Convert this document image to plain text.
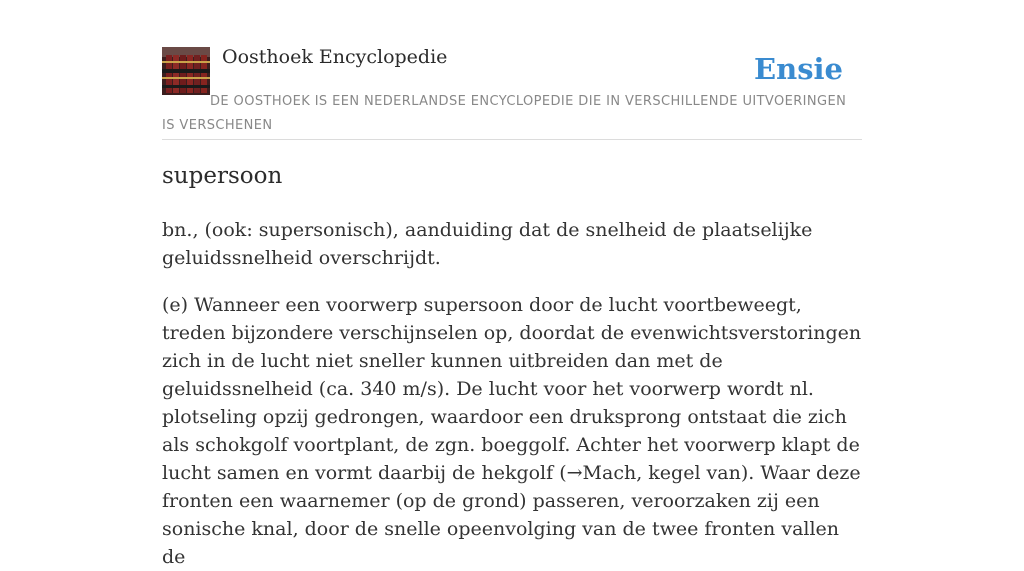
Oosthoek Encyclopedie	Ensie
DE OOSTHOEK IS EEN NEDERLANDSE ENCYCLOPEDIE DIE IN VERSCHILLENDE UITVOERINGEN IS VERSCHENEN
supersoon

bn., (ook: supersonisch), aanduiding dat de snelheid de plaatselijke geluidssnelheid overschrijdt.

(e) Wanneer een voorwerp supersoon door de lucht voortbeweegt, treden bijzondere verschijnselen op, doordat de evenwichtsverstoringen zich in de lucht niet sneller kunnen uitbreiden dan met de geluidssnelheid (ca. 340 m/s). De lucht voor het voorwerp wordt nl. plotseling opzij gedrongen, waardoor een druksprong ontstaat die zich als schokgolf voortplant, de zgn. boeggolf. Achter het voorwerp klapt de lucht samen en vormt daarbij de hekgolf (→Mach, kegel van). Waar deze fronten een waarnemer (op de grond) passeren, veroorzaken zij een sonische knal, door de snelle opeenvolging van de twee fronten vallen de
